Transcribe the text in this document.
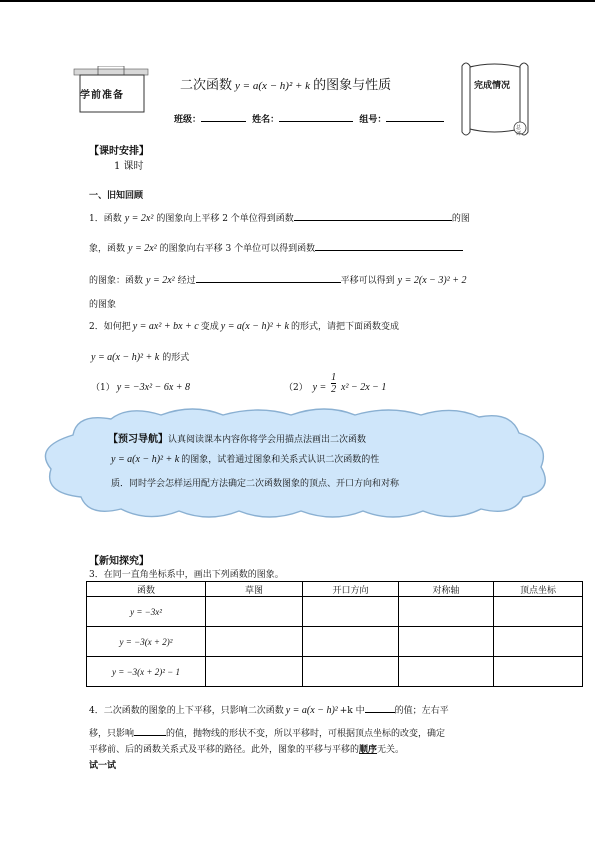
学前准备
二次函数 y = a(x − h)² + k 的图象与性质	完成情况
总评
班级：	姓名：	组号：
【课时安排】
1 课时
一、旧知回顾
1．函数 y = 2x² 的图象向上平移 2 个单位得到函数	的图
象，函数 y = 2x² 的图象向右平移 3 个单位可以得到函数
的图象：函数 y = 2x² 经过	平移可以得到 y = 2(x − 3)² + 2
的图象
2．如何把 y = ax² + bx + c 变成 y = a(x − h)² + k 的形式，请把下面函数变成
y = a(x − h)² + k 的形式
（1） y = −3x² − 6x + 8	（2） $y = \frac{1}{2} x^2 - 2x - 1$
【预习导航】认真阅读课本内容你将学会用描点法画出二次函数
y = a(x − h)² + k 的图象，试着通过图象和关系式认识二次函数的性
质．同时学会怎样运用配方法确定二次函数图象的顶点、开口方向和对称
【新知探究】
3．在同一直角坐标系中，画出下列函数的图象。
函数	草图	开口方向	对称轴	顶点坐标
y = −3x²				
y = −3(x + 2)²				
y = −3(x + 2)² − 1				
4．二次函数的图象的上下平移，只影响二次函数 y = a(x − h)² +k 中	的值；左右平
移，只影响	的值，抛物线的形状不变，所以平移时，可根据顶点坐标的改变，确定
平移前、后的函数关系式及平移的路径。此外，图象的平移与平移的顺序无关。
试一试
